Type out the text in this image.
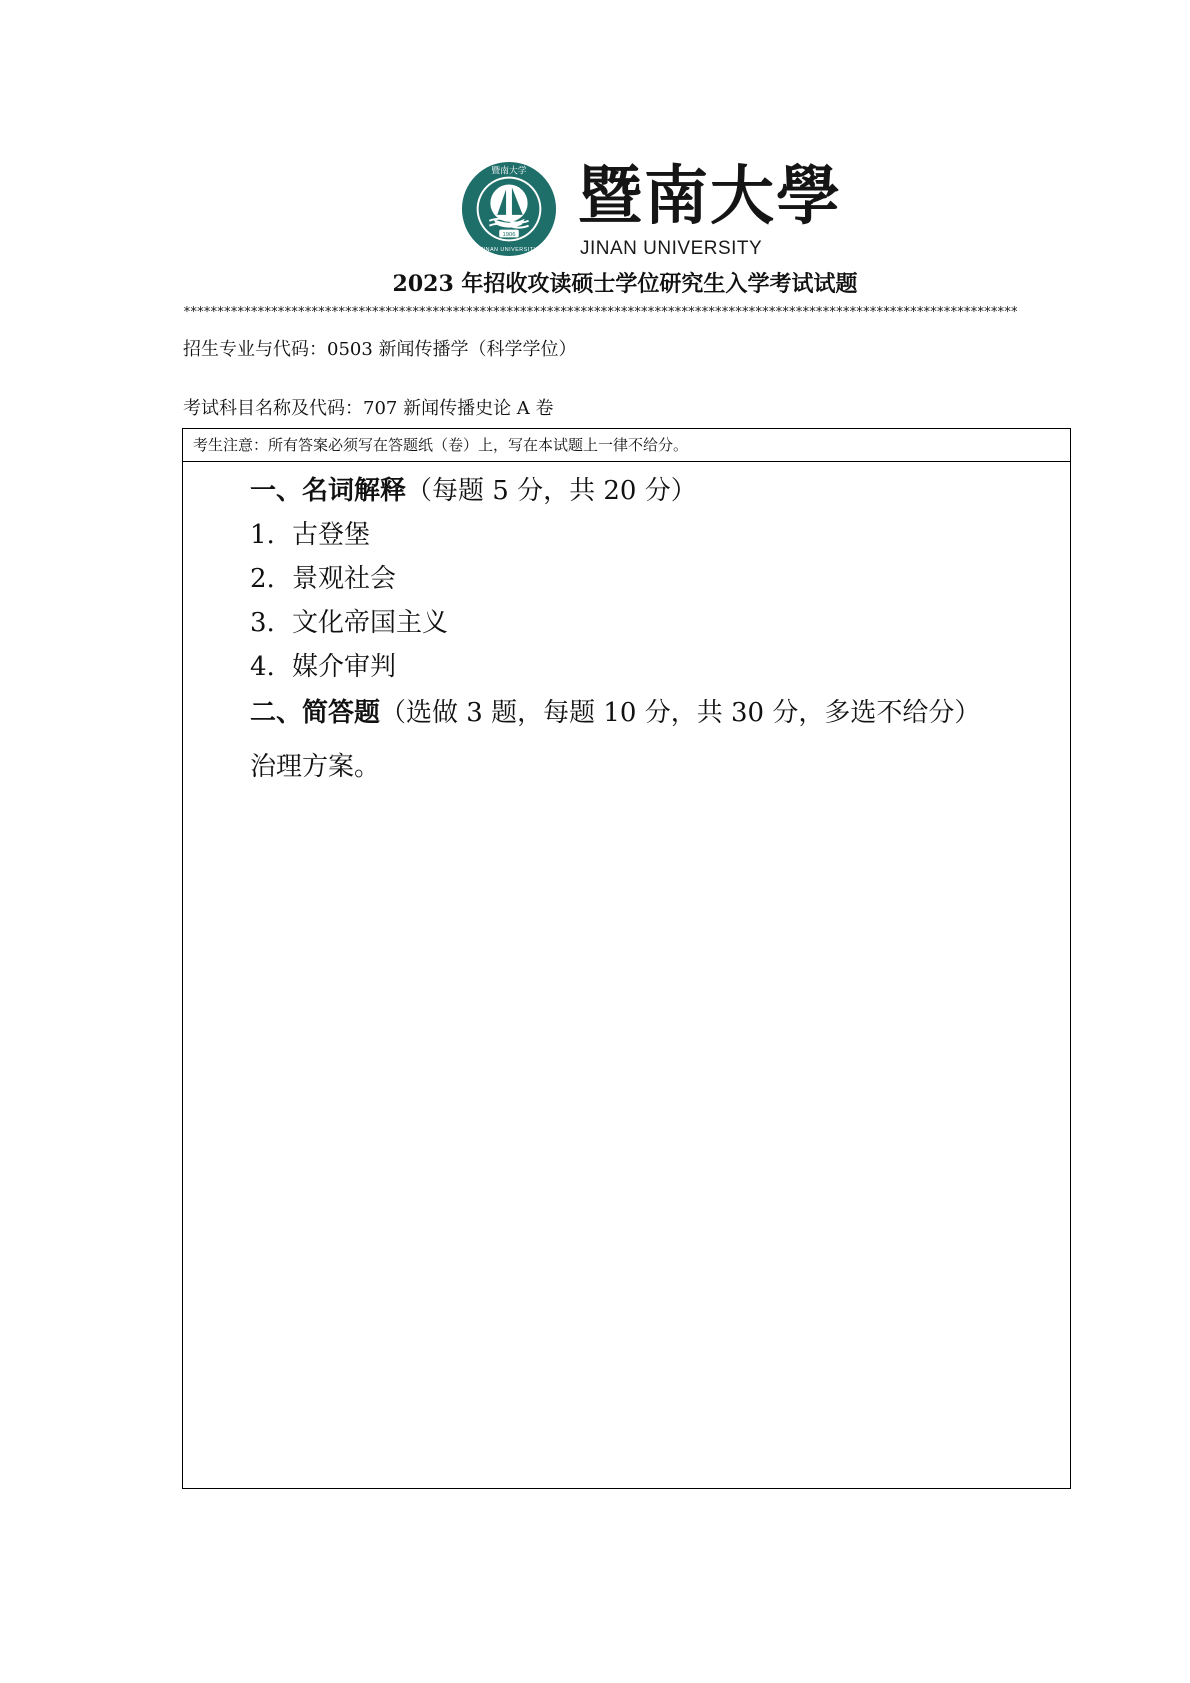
1906
暨南大学
JINAN UNIVERSITY
暨南大學
JINAN UNIVERSITY
2023 年招收攻读硕士学位研究生入学考试试题
****************************************************************************************************************************
招生专业与代码：0503 新闻传播学（科学学位）
考试科目名称及代码：707 新闻传播史论 A 卷
考生注意：所有答案必须写在答题纸（卷）上，写在本试题上一律不给分。
一、名词解释（每题 5 分，共 20 分）
1. 古登堡
2. 景观社会
3. 文化帝国主义
4. 媒介审判
二、简答题（选做 3 题，每题 10 分，共 30 分，多选不给分）
治理方案。
